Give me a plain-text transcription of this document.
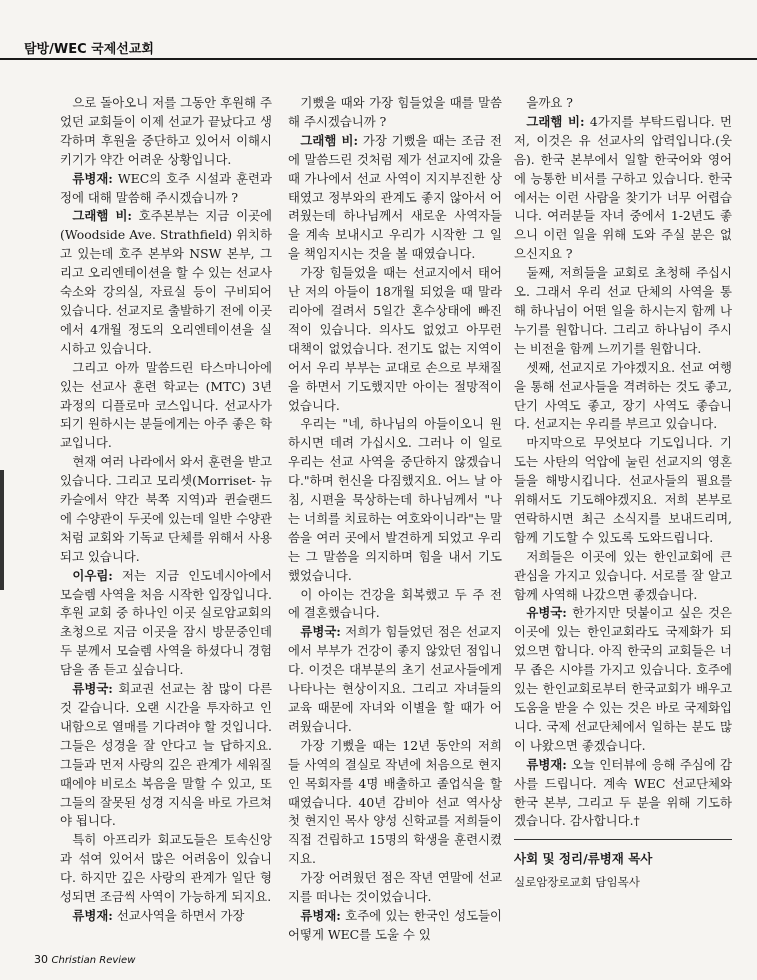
탐방/WEC 국제선교회

으로 돌아오니 저를 그동안 후원해 주었던 교회들이 이제 선교가 끝났다고 생각하며 후원을 중단하고 있어서 이해시키기가 약간 어려운 상황입니다.

류병재: WEC의 호주 시설과 훈련과정에 대해 말씀해 주시겠습니까 ?

그래햄 비: 호주본부는 지금 이곳에(Woodside Ave. Strathfield) 위치하고 있는데 호주 본부와 NSW 본부, 그리고 오리엔테이션을 할 수 있는 선교사 숙소와 강의실, 자료실 등이 구비되어 있습니다. 선교지로 출발하기 전에 이곳에서 4개월 정도의 오리엔테이션을 실시하고 있습니다.

그리고 아까 말씀드린 타스마니아에 있는 선교사 훈련 학교는 (MTC) 3년 과정의 디플로마 코스입니다. 선교사가 되기 원하시는 분들에게는 아주 좋은 학교입니다.

현재 여러 나라에서 와서 훈련을 받고 있습니다. 그리고 모리셋(Morriset- 뉴카슬에서 약간 북쪽 지역)과 퀸슬랜드에 수양관이 두곳에 있는데 일반 수양관처럼 교회와 기독교 단체를 위해서 사용되고 있습니다.

이우림: 저는 지금 인도네시아에서 모슬렘 사역을 처음 시작한 입장입니다. 후원 교회 중 하나인 이곳 실로암교회의 초청으로 지금 이곳을 잠시 방문중인데 두 분께서 모슬렘 사역을 하셨다니 경험담을 좀 듣고 싶습니다.

류병국: 회교권 선교는 참 많이 다른 것 같습니다. 오랜 시간을 투자하고 인내함으로 열매를 기다려야 할 것입니다. 그들은 성경을 잘 안다고 늘 답하지요. 그들과 먼저 사랑의 깊은 관계가 세워질 때에야 비로소 복음을 말할 수 있고, 또 그들의 잘못된 성경 지식을 바로 가르쳐야 됩니다.

특히 아프리카 회교도들은 토속신앙과 섞여 있어서 많은 어려움이 있습니다. 하지만 깊은 사랑의 관계가 일단 형성되면 조금씩 사역이 가능하게 되지요.

류병재: 선교사역을 하면서 가장

기뻤을 때와 가장 힘들었을 때를 말씀해 주시겠습니까 ?

그래햄 비: 가장 기뻤을 때는 조금 전에 말씀드린 것처럼 제가 선교지에 갔을 때 가나에서 선교 사역이 지지부진한 상태였고 정부와의 관계도 좋지 않아서 어려웠는데 하나님께서 새로운 사역자들을 계속 보내시고 우리가 시작한 그 일을 책임지시는 것을 볼 때였습니다.

가장 힘들었을 때는 선교지에서 태어 난 저의 아들이 18개월 되었을 때 말라리아에 걸려서 5일간 혼수상태에 빠진 적이 있습니다. 의사도 없었고 아무런 대책이 없었습니다. 전기도 없는 지역이어서 우리 부부는 교대로 손으로 부채질을 하면서 기도했지만 아이는 절망적이었습니다.

우리는 "네, 하나님의 아들이오니 원하시면 데려 가십시오. 그러나 이 일로 우리는 선교 사역을 중단하지 않겠습니다."하며 헌신을 다짐했지요. 어느 날 아침, 시편을 묵상하는데 하나님께서 "나는 너희를 치료하는 여호와이니라"는 말씀을 여러 곳에서 발견하게 되었고 우리는 그 말씀을 의지하며 힘을 내서 기도했었습니다.

이 아이는 건강을 회복했고 두 주 전에 결혼했습니다.

류병국: 저희가 힘들었던 점은 선교지에서 부부가 건강이 좋지 않았던 점입니다. 이것은 대부분의 초기 선교사들에게 나타나는 현상이지요. 그리고 자녀들의 교육 때문에 자녀와 이별을 할 때가 어려웠습니다.

가장 기뻤을 때는 12년 동안의 저희들 사역의 결실로 작년에 처음으로 현지인 목회자를 4명 배출하고 졸업식을 할 때였습니다. 40년 감비아 선교 역사상 첫 현지인 목사 양성 신학교를 저희들이 직접 건립하고 15명의 학생을 훈련시켰지요.

가장 어려웠던 점은 작년 연말에 선교지를 떠나는 것이었습니다.

류병재: 호주에 있는 한국인 성도들이 어떻게 WEC를 도울 수 있

을까요 ?

그래햄 비: 4가지를 부탁드립니다. 먼저, 이것은 유 선교사의 압력입니다.(웃음). 한국 본부에서 일할 한국어와 영어에 능통한 비서를 구하고 있습니다. 한국에서는 이런 사람을 찾기가 너무 어렵습니다. 여러분들 자녀 중에서 1-2년도 좋으니 이런 일을 위해 도와 주실 분은 없으신지요 ?

둘째, 저희들을 교회로 초청해 주십시오. 그래서 우리 선교 단체의 사역을 통해 하나님이 어떤 일을 하시는지 함께 나누기를 원합니다. 그리고 하나님이 주시는 비전을 함께 느끼기를 원합니다.

셋째, 선교지로 가야겠지요. 선교 여행을 통해 선교사들을 격려하는 것도 좋고, 단기 사역도 좋고, 장기 사역도 좋습니다. 선교지는 우리를 부르고 있습니다.

마지막으로 무엇보다 기도입니다. 기도는 사탄의 억압에 눌린 선교지의 영혼들을 해방시킵니다. 선교사들의 필요를 위해서도 기도해야겠지요. 저희 본부로 연락하시면 최근 소식지를 보내드리며, 함께 기도할 수 있도록 도와드립니다.

저희들은 이곳에 있는 한인교회에 큰 관심을 가지고 있습니다. 서로를 잘 알고 함께 사역해 나갔으면 좋겠습니다.

유병국: 한가지만 덧붙이고 싶은 것은 이곳에 있는 한인교회라도 국제화가 되었으면 합니다. 아직 한국의 교회들은 너무 좁은 시야를 가지고 있습니다. 호주에 있는 한인교회로부터 한국교회가 배우고 도움을 받을 수 있는 것은 바로 국제화입니다. 국제 선교단체에서 일하는 분도 많이 나왔으면 좋겠습니다.

류병재: 오늘 인터뷰에 응해 주심에 감사를 드립니다. 계속 WEC 선교단체와 한국 본부, 그리고 두 분을 위해 기도하겠습니다. 감사합니다.†

사회 및 정리/류병재 목사
실로암장로교회 담임목사
30 Christian Review
